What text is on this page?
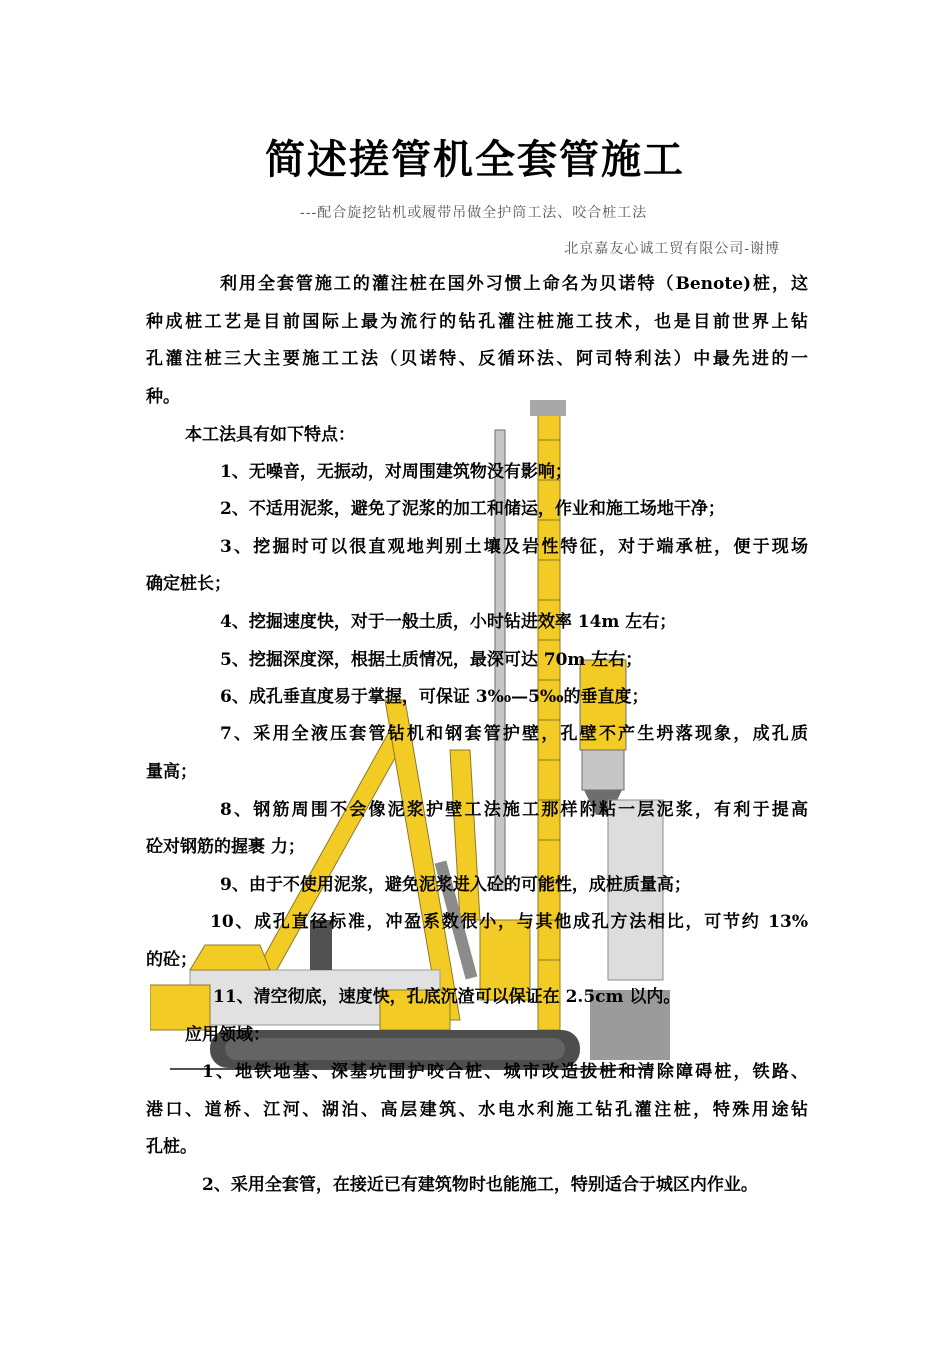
简述搓管机全套管施工
---配合旋挖钻机或履带吊做全护筒工法、咬合桩工法
北京嘉友心诚工贸有限公司-谢博
利用全套管施工的灌注桩在国外习惯上命名为贝诺特（Benote)桩，这
种成桩工艺是目前国际上最为流行的钻孔灌注桩施工技术，也是目前世界上钻
孔灌注桩三大主要施工工法（贝诺特、反循环法、阿司特利法）中最先进的一
种。
本工法具有如下特点：
1、无噪音，无振动，对周围建筑物没有影响；
2、不适用泥浆，避免了泥浆的加工和储运，作业和施工场地干净；
3、挖掘时可以很直观地判别土壤及岩性特征，对于端承桩，便于现场
确定桩长；
4、挖掘速度快，对于一般土质，小时钻进效率 14m 左右；
5、挖掘深度深，根据土质情况，最深可达 70m 左右；
6、成孔垂直度易于掌握，可保证 3‰—5‰的垂直度；
7、采用全液压套管钻机和钢套管护壁，孔壁不产生坍落现象，成孔质
量高；
8、钢筋周围不会像泥浆护壁工法施工那样附粘一层泥浆，有利于提高
砼对钢筋的握裹 力；
9、由于不使用泥浆，避免泥浆进入砼的可能性，成桩质量高；
10、成孔直径标准，冲盈系数很小，与其他成孔方法相比，可节约 13%
的砼；
11、清空彻底，速度快，孔底沉渣可以保证在 2.5cm 以内。
应用领域：
1、地铁地基、深基坑围护咬合桩、城市改造拔桩和清除障碍桩，铁路、
港口、道桥、江河、湖泊、高层建筑、水电水利施工钻孔灌注桩，特殊用途钻
孔桩。
2、采用全套管，在接近已有建筑物时也能施工，特别适合于城区内作业。
